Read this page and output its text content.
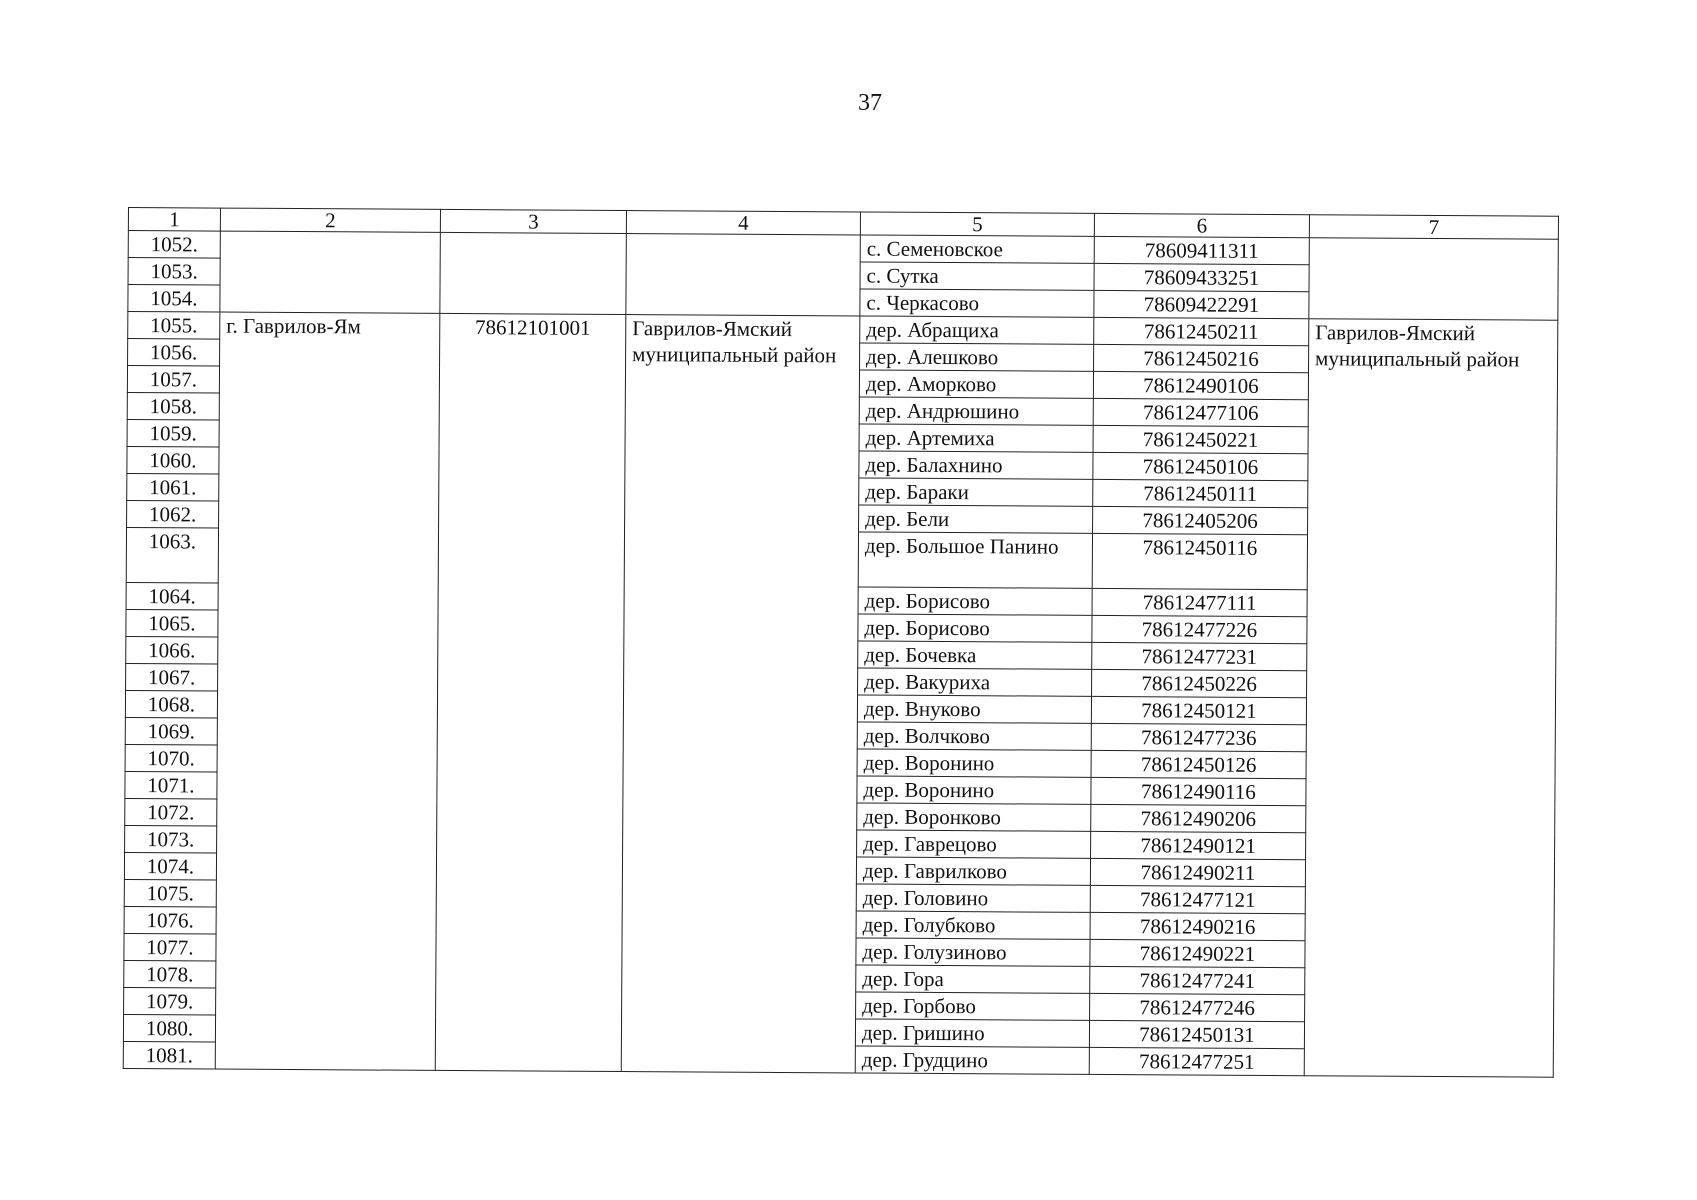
37
1	2	3	4	5	6	7
1052.				с. Семеновское	78609411311	
1053.				с. Сутка	78609433251	
1054.				с. Черкасово	78609422291	
1055.	г. Гаврилов-Ям	78612101001	Гаврилов-Ямский муниципальный район	дер. Абращиха	78612450211	Гаврилов-Ямский муниципальный район
1056.				дер. Алешково	78612450216	
1057.				дер. Аморково	78612490106	
1058.				дер. Андрюшино	78612477106	
1059.				дер. Артемиха	78612450221	
1060.				дер. Балахнино	78612450106	
1061.				дер. Бараки	78612450111	
1062.				дер. Бели	78612405206	
1063.				дер. Большое Панино	78612450116	
1064.				дер. Борисово	78612477111	
1065.				дер. Борисово	78612477226	
1066.				дер. Бочевка	78612477231	
1067.				дер. Вакуриха	78612450226	
1068.				дер. Внуково	78612450121	
1069.				дер. Волчково	78612477236	
1070.				дер. Воронино	78612450126	
1071.				дер. Воронино	78612490116	
1072.				дер. Воронково	78612490206	
1073.				дер. Гаврецово	78612490121	
1074.				дер. Гаврилково	78612490211	
1075.				дер. Головино	78612477121	
1076.				дер. Голубково	78612490216	
1077.				дер. Голузиново	78612490221	
1078.				дер. Гора	78612477241	
1079.				дер. Горбово	78612477246	
1080.				дер. Гришино	78612450131	
1081.				дер. Грудцино	78612477251	
